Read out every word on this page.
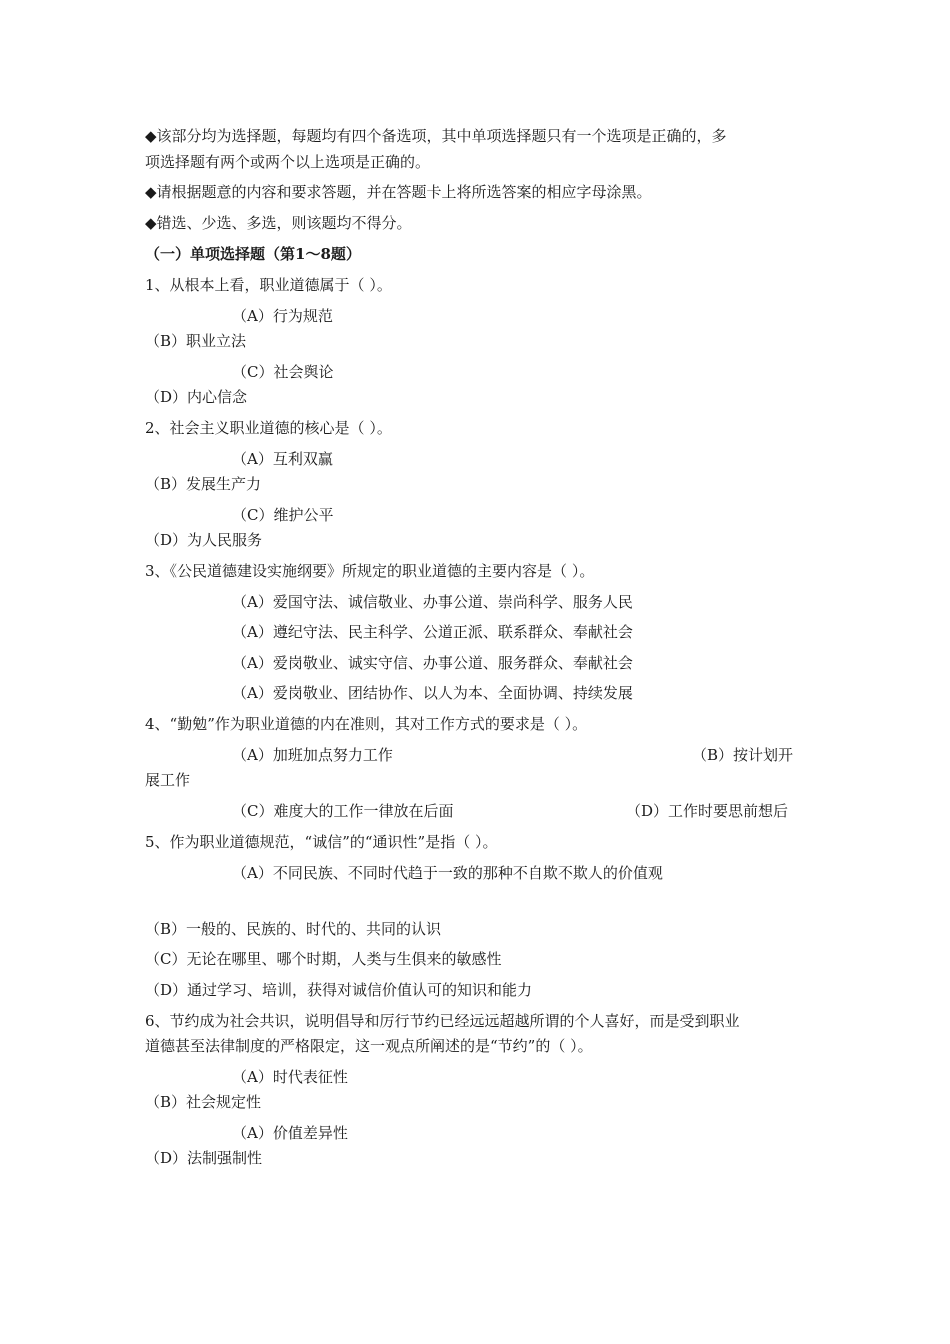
◆该部分均为选择题，每题均有四个备选项，其中单项选择题只有一个选项是正确的，多
项选择题有两个或两个以上选项是正确的。
◆请根据题意的内容和要求答题，并在答题卡上将所选答案的相应字母涂黑。
◆错选、少选、多选，则该题均不得分。
（一）单项选择题（第1～8题）
1、从根本上看，职业道德属于（ ）。
（A）行为规范
（B）职业立法
（C）社会舆论
（D）内心信念
2、社会主义职业道德的核心是（ ）。
（A）互利双赢
（B）发展生产力
（C）维护公平
（D）为人民服务
3、《公民道德建设实施纲要》所规定的职业道德的主要内容是（ ）。
（A）爱国守法、诚信敬业、办事公道、崇尚科学、服务人民
（A）遵纪守法、民主科学、公道正派、联系群众、奉献社会
（A）爱岗敬业、诚实守信、办事公道、服务群众、奉献社会
（A）爱岗敬业、团结协作、以人为本、全面协调、持续发展
4、“勤勉”作为职业道德的内在准则，其对工作方式的要求是（ ）。
（A）加班加点努力工作	（B）按计划开
展工作
（C）难度大的工作一律放在后面	（D）工作时要思前想后
5、作为职业道德规范，“诚信”的“通识性”是指（ ）。
（A）不同民族、不同时代趋于一致的那种不自欺不欺人的价值观
（B）一般的、民族的、时代的、共同的认识
（C）无论在哪里、哪个时期，人类与生俱来的敏感性
（D）通过学习、培训，获得对诚信价值认可的知识和能力
6、节约成为社会共识，说明倡导和厉行节约已经远远超越所谓的个人喜好，而是受到职业
道德甚至法律制度的严格限定，这一观点所阐述的是“节约”的（ ）。
（A）时代表征性
（B）社会规定性
（A）价值差异性
（D）法制强制性
